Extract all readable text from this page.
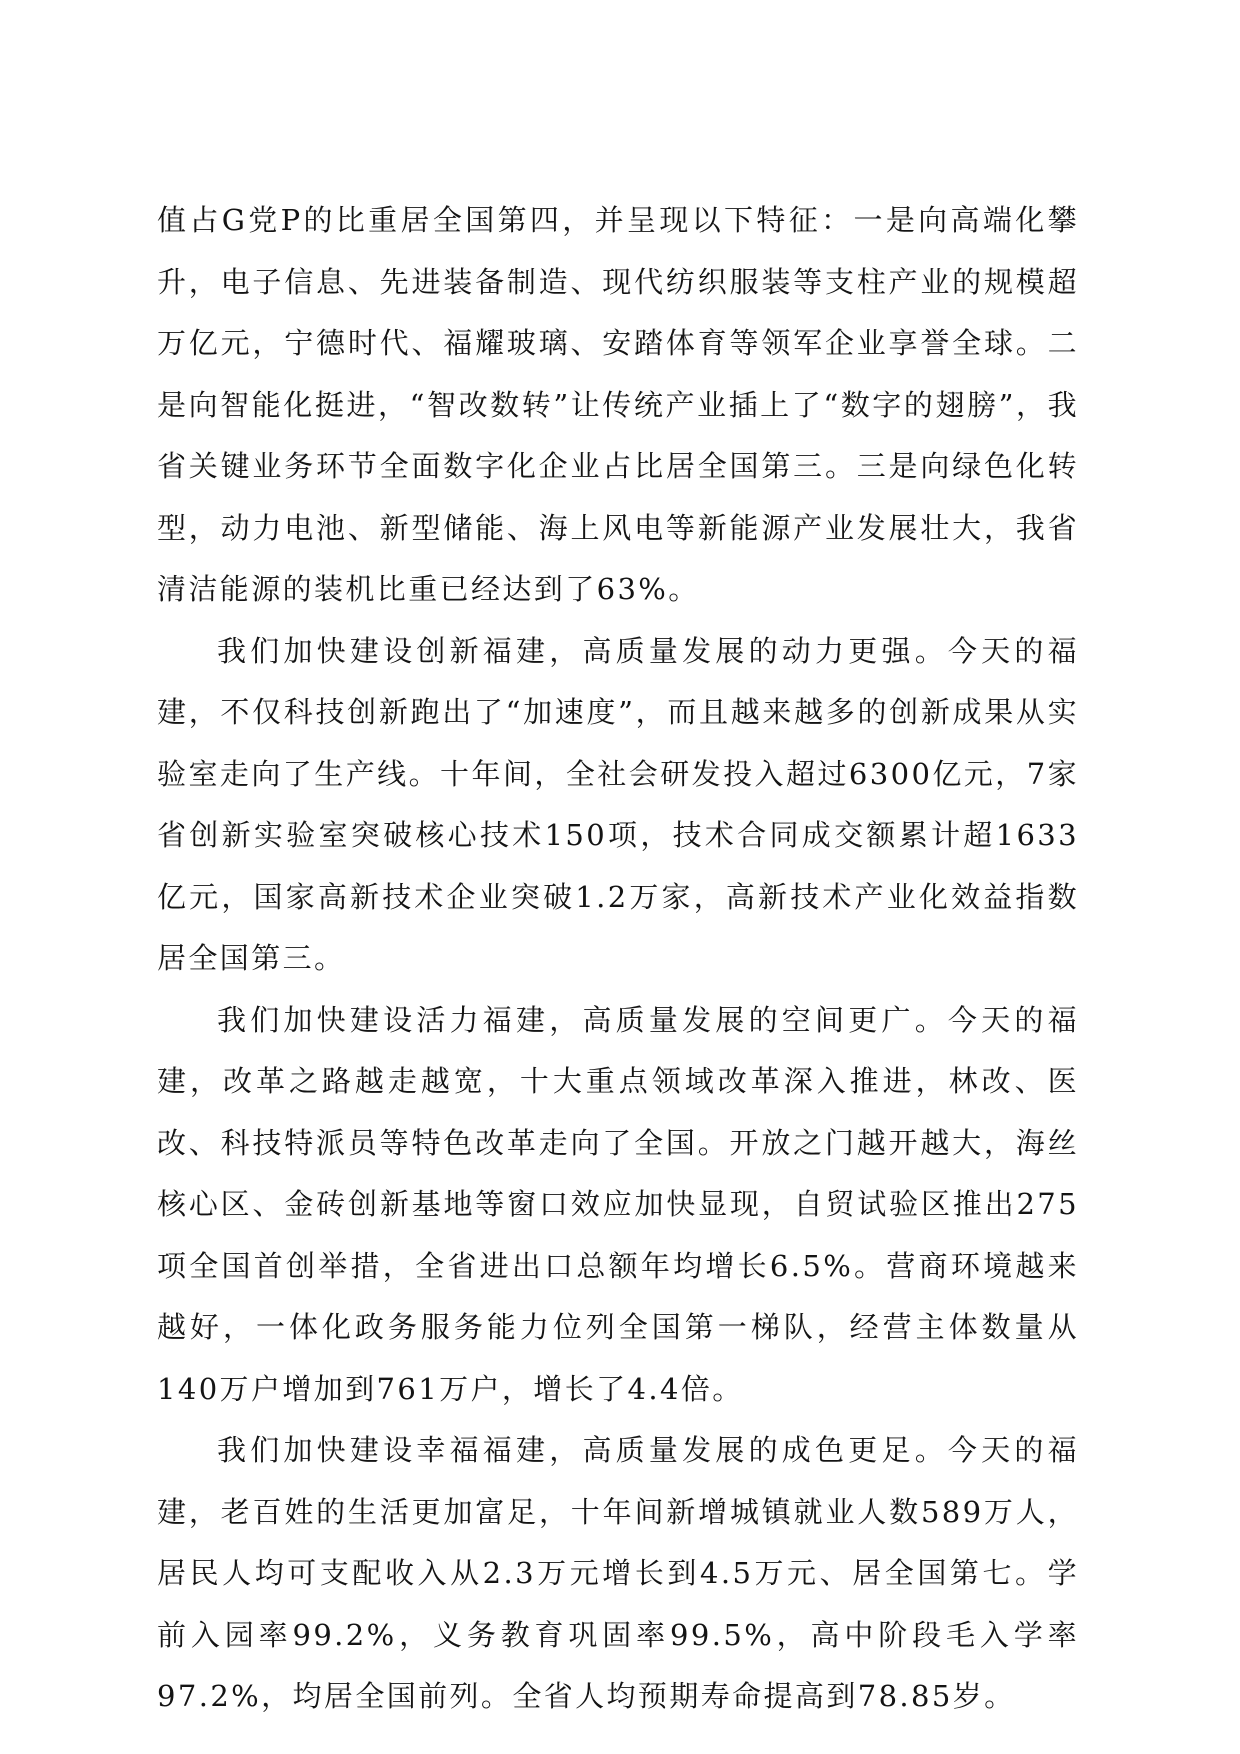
值占G党P的比重居全国第四，并呈现以下特征：一是向高端化攀升，电子信息、先进装备制造、现代纺织服装等支柱产业的规模超万亿元，宁德时代、福耀玻璃、安踏体育等领军企业享誉全球。二是向智能化挺进，“智改数转”让传统产业插上了“数字的翅膀”，我省关键业务环节全面数字化企业占比居全国第三。三是向绿色化转型，动力电池、新型储能、海上风电等新能源产业发展壮大，我省清洁能源的装机比重已经达到了63%。

我们加快建设创新福建，高质量发展的动力更强。今天的福建，不仅科技创新跑出了“加速度”，而且越来越多的创新成果从实验室走向了生产线。十年间，全社会研发投入超过6300亿元，7家省创新实验室突破核心技术150项，技术合同成交额累计超1633亿元，国家高新技术企业突破1.2万家，高新技术产业化效益指数居全国第三。

我们加快建设活力福建，高质量发展的空间更广。今天的福建，改革之路越走越宽，十大重点领域改革深入推进，林改、医改、科技特派员等特色改革走向了全国。开放之门越开越大，海丝核心区、金砖创新基地等窗口效应加快显现，自贸试验区推出275项全国首创举措，全省进出口总额年均增长6.5%。营商环境越来越好，一体化政务服务能力位列全国第一梯队，经营主体数量从140万户增加到761万户，增长了4.4倍。

我们加快建设幸福福建，高质量发展的成色更足。今天的福建，老百姓的生活更加富足，十年间新增城镇就业人数589万人，居民人均可支配收入从2.3万元增长到4.5万元、居全国第七。学前入园率99.2%，义务教育巩固率99.5%，高中阶段毛入学率97.2%，均居全国前列。全省人均预期寿命提高到78.85岁。
